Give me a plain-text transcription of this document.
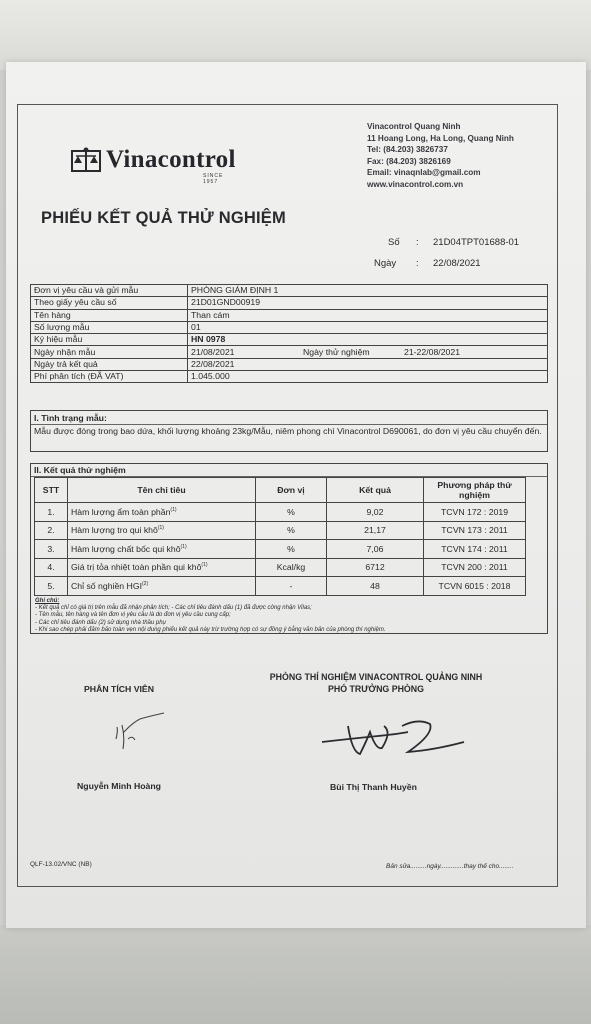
Vinacontrol
SINCE 1957
Vinacontrol Quang Ninh
11 Hoang Long, Ha Long, Quang Ninh
Tel: (84.203) 3826737
Fax: (84.203) 3826169
Email: vinaqnlab@gmail.com
www.vinacontrol.com.vn
PHIẾU KẾT QUẢ THỬ NGHIỆM
Số : 21D04TPT01688-01
Ngày : 22/08/2021
Đơn vị yêu cầu và gửi mẫu	PHÒNG GIÁM ĐỊNH 1
Theo giấy yêu cầu số	21D01GND00919
Tên hàng	Than cám
Số lượng mẫu	01
Ký hiệu mẫu	HN 0978
Ngày nhận mẫu	21/08/2021 Ngày thử nghiệm 21-22/08/2021

Ngày trả kết quả	22/08/2021
Phí phân tích (ĐÃ VAT)	1.045.000
I. Tình trạng mẫu:
Mẫu được đóng trong bao dứa, khối lượng khoảng 23kg/Mẫu, niêm phong chì Vinacontrol D690061, do đơn vị yêu cầu chuyển đến.
II. Kết quả thử nghiệm
STT	Tên chỉ tiêu	Đơn vị	Kết quả	Phương pháp thử nghiệm
1.	Hàm lượng ẩm toàn phần$^{(1)}$	%	9,02	TCVN 172 : 2019
2.	Hàm lượng tro qui khô$^{(1)}$	%	21,17	TCVN 173 : 2011
3.	Hàm lượng chất bốc qui khô$^{(1)}$	%	7,06	TCVN 174 : 2011
4.	Giá trị tỏa nhiệt toàn phần qui khô$^{(1)}$	Kcal/kg	6712	TCVN 200 : 2011
5.	Chỉ số nghiền HGI$^{(2)}$	-	48	TCVN 6015 : 2018
Ghi chú:
- Kết quả chỉ có giá trị trên mẫu đã nhận phân tích; - Các chỉ tiêu đánh dấu (1) đã được công nhận Vilas;
- Tên mẫu, tên hàng và tên đơn vị yêu cầu là do đơn vị yêu cầu cung cấp;
- Các chỉ tiêu đánh dấu (2) sử dụng nhà thầu phụ
- Khi sao chép phải đảm bảo toàn vẹn nội dung phiếu kết quả này trừ trường hợp có sự đồng ý bằng văn bản của phòng thí nghiệm.
PHÂN TÍCH VIÊN
PHÒNG THÍ NGHIỆM VINACONTROL QUẢNG NINH
PHÓ TRƯỞNG PHÒNG
Nguyễn Minh Hoàng	Bùi Thị Thanh Huyền
QLF-13.02/VNC (NB)	Bản sửa.........ngày.............thay thế cho........
